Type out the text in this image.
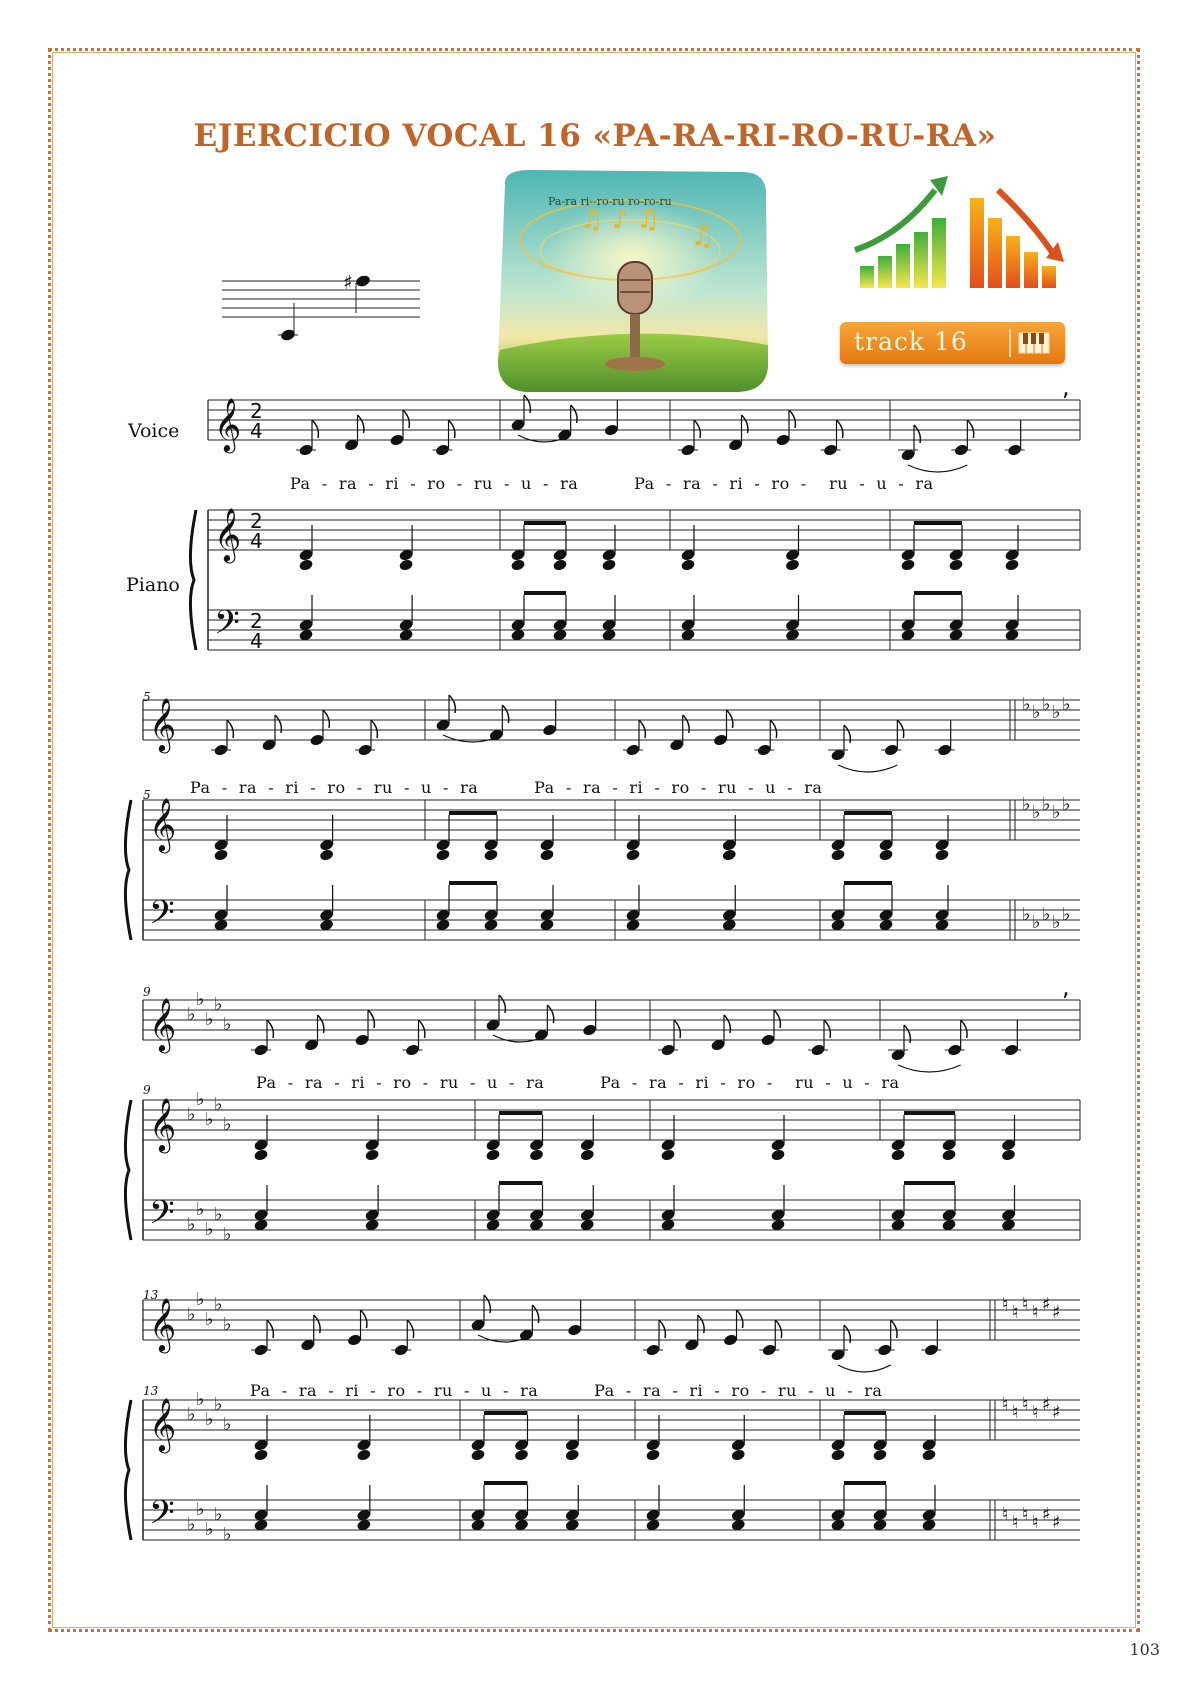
EJERCICIO VOCAL 16 «PA-RA-RI-RO-RU-RA»
♯
♫ ♪ ♫ ♫
Pa-ra ri--ro-ru ro-ro-ru
track 16
𝄞
𝄞
𝄢
2
4
2
4
2
4
𝄞
𝄞
𝄢
♭ ♭ ♭ ♭ ♭
♭ ♭ ♭ ♭ ♭
♭ ♭ ♭ ♭ ♭
𝄞
𝄞
𝄢
♭
♭
♭
♭
♭
♭
♭
♭
♭
♭
♭
♭
♭
♭
♭
𝄞
𝄞
𝄢
♭
♭
♭
♭
♭
♭
♭
♭
♭
♭
♭
♭
♭
♭
♭
♮ ♮ ♮ ♮ ♯ ♯
♮ ♮ ♮ ♮ ♯ ♯
♮ ♮ ♮ ♮ ♯ ♯
,
,
Voice
Piano
5
5
9
9
13
13
Pa  -  ra  -  ri  -  ro  -  ru  -  u  -  ra          Pa  -  ra  -  ri  -  ro  -    ru  -  u  -  ra
Pa  -  ra  -  ri  -  ro  -  ru  -  u  -  ra          Pa  -  ra  -  ri  -  ro  -  ru  -  u  -  ra
Pa  -  ra  -  ri  -  ro  -  ru  -  u  -  ra          Pa  -  ra  -  ri  -  ro  -    ru  -  u  -  ra
Pa  -  ra  -  ri  -  ro  -  ru  -  u  -  ra          Pa  -  ra  -  ri  -  ro  -  ru  -  u  -  ra
103
